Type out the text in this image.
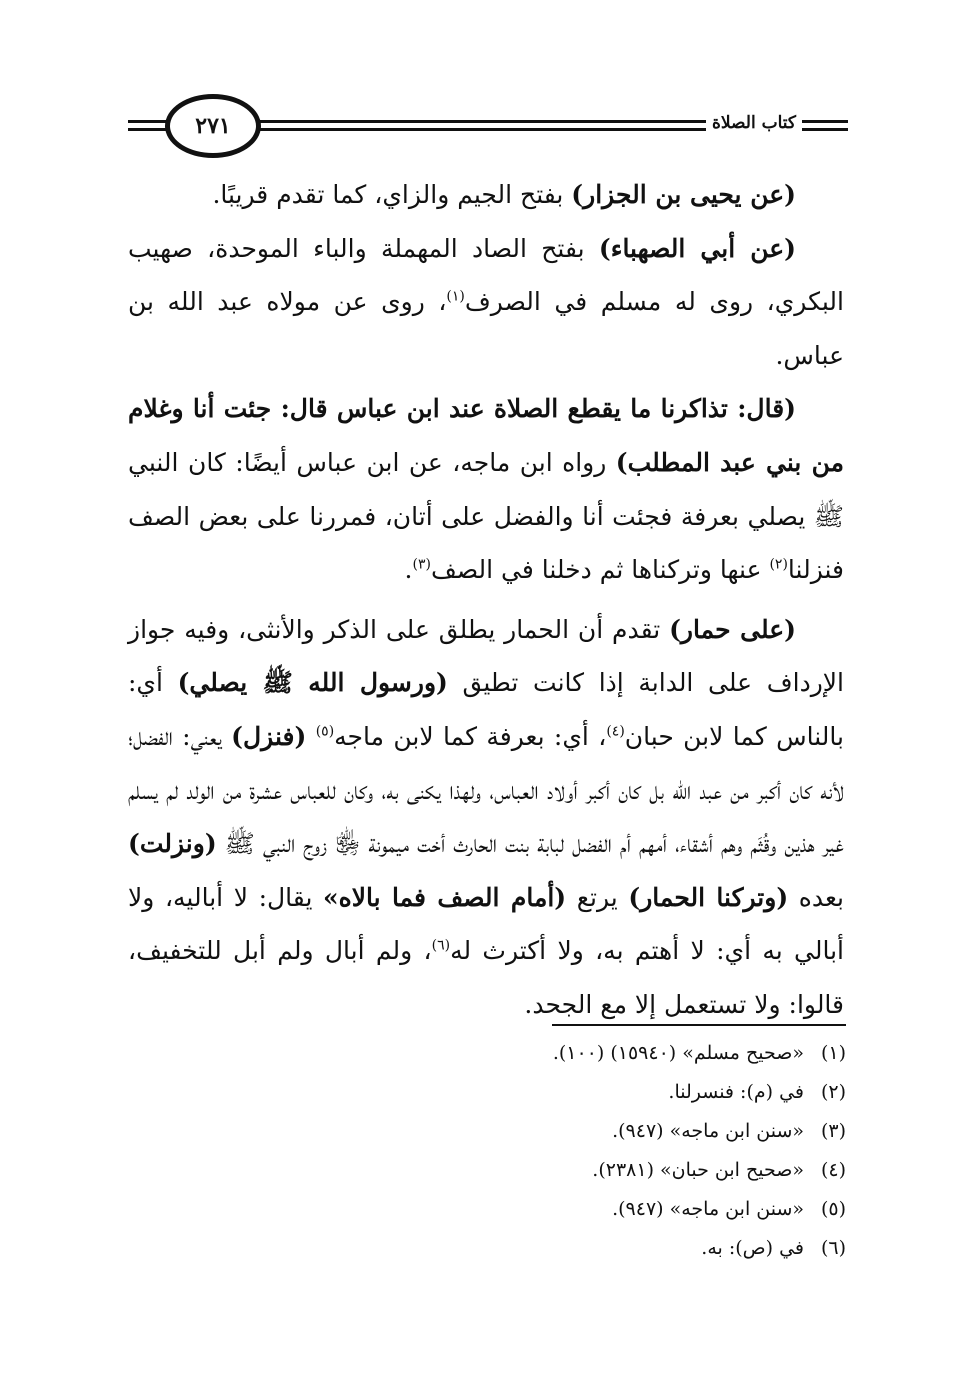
٢٧١	كتاب الصلاة

(عن يحيى بن الجزار) بفتح الجيم والزاي، كما تقدم قريبًا.

(عن أبي الصهباء) بفتح الصاد المهملة والباء الموحدة، صهيب البكري، روى له مسلم في الصرف$^{(١)}$، روى عن مولاه عبد الله بن عباس.

(قال: تذاكرنا ما يقطع الصلاة عند ابن عباس قال: جئت أنا وغلام من بني عبد المطلب) رواه ابن ماجه، عن ابن عباس أيضًا: كان النبي ﷺ يصلي بعرفة فجئت أنا والفضل على أتان، فمررنا على بعض الصف فنزلنا$^{(٢)}$ عنها وتركناها ثم دخلنا في الصف$^{(٣)}$.

(على حمار) تقدم أن الحمار يطلق على الذكر والأنثى، وفيه جواز الإرداف على الدابة إذا كانت تطيق (ورسول الله ﷺ يصلي) أي: بالناس كما لابن حبان$^{(٤)}$، أي: بعرفة كما لابن ماجه$^{(٥)}$ (فنزل) يعني: الفضل؛ لأنه كان أكبر من عبد الله بل كان أكبر أولاد العباس، ولهذا يكنى به، وكان للعباس عشرة من الولد لم يسلم غير هذين وقُثَم وهم أشقاء، أمهم أم الفضل لبابة بنت الحارث أخت ميمونة ﵂ زوج النبي ﷺ (ونزلت) بعده (وتركنا الحمار) يرتع (أمام الصف فما بالاه» يقال: لا أباليه، ولا أبالي به أي: لا أهتم به، ولا أكترث له$^{(٦)}$، ولم أبال ولم أبل للتخفيف، قالوا: ولا تستعمل إلا مع الجحد.

(١)
«صحيح مسلم» (١٥٩٤٠) (١٠٠).
(٢)
في (م): فنسرلنا.
(٣)
«سنن ابن ماجه» (٩٤٧).
(٤)
«صحيح ابن حبان» (٢٣٨١).
(٥)
«سنن ابن ماجه» (٩٤٧).
(٦)
في (ص): به.
